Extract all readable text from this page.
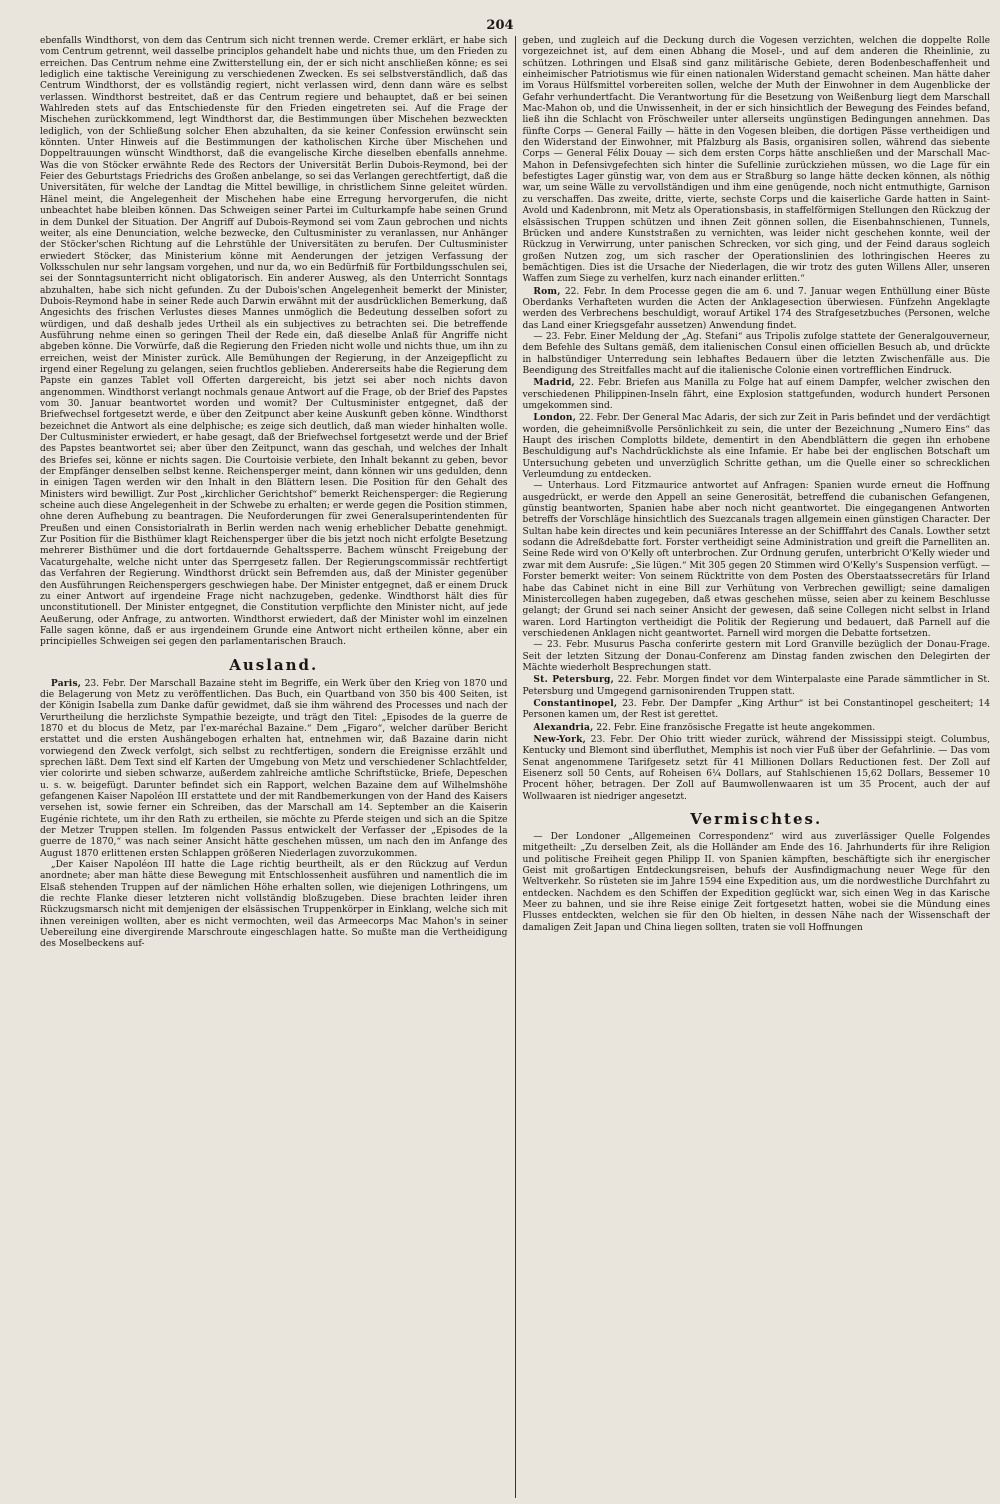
204

ebenfalls Windthorst, von dem das Centrum sich nicht trennen werde. Cremer erklärt, er habe sich vom Centrum getrennt, weil dasselbe principlos gehandelt habe und nichts thue, um den Frieden zu erreichen. Das Centrum nehme eine Zwitterstellung ein, der er sich nicht anschließen könne; es sei lediglich eine taktische Vereinigung zu verschiedenen Zwecken. Es sei selbstverständlich, daß das Centrum Windthorst, der es vollständig regiert, nicht verlassen wird, denn dann wäre es selbst verlassen. Windthorst bestreitet, daß er das Centrum regiere und behauptet, daß er bei seinen Wahlreden stets auf das Entschiedenste für den Frieden eingetreten sei. Auf die Frage der Mischehen zurückkommend, legt Windthorst dar, die Bestimmungen über Mischehen bezweckten lediglich, von der Schließung solcher Ehen abzuhalten, da sie keiner Confession erwünscht sein könnten. Unter Hinweis auf die Bestimmungen der katholischen Kirche über Mischehen und Doppeltrauungen wünscht Windthorst, daß die evangelische Kirche dieselben ebenfalls annehme. Was die von Stöcker erwähnte Rede des Rectors der Universität Berlin Dubois-Reymond, bei der Feier des Geburtstags Friedrichs des Großen anbelange, so sei das Verlangen gerechtfertigt, daß die Universitäten, für welche der Landtag die Mittel bewillige, in christlichem Sinne geleitet würden. Hänel meint, die Angelegenheit der Mischehen habe eine Erregung hervorgerufen, die nicht unbeachtet habe bleiben können. Das Schweigen seiner Partei im Culturkampfe habe seinen Grund in dem Dunkel der Situation. Der Angriff auf Dubois-Reymond sei vom Zaun gebrochen und nichts weiter, als eine Denunciation, welche bezwecke, den Cultusminister zu veranlassen, nur Anhänger der Stöcker'schen Richtung auf die Lehrstühle der Universitäten zu berufen. Der Cultusminister erwiedert Stöcker, das Ministerium könne mit Aenderungen der jetzigen Verfassung der Volksschulen nur sehr langsam vorgehen, und nur da, wo ein Bedürfniß für Fortbildungsschulen sei, sei der Sonntagsunterricht nicht obligatorisch. Ein anderer Ausweg, als den Unterricht Sonntags abzuhalten, habe sich nicht gefunden. Zu der Dubois'schen Angelegenheit bemerkt der Minister, Dubois-Reymond habe in seiner Rede auch Darwin erwähnt mit der ausdrücklichen Bemerkung, daß Angesichts des frischen Verlustes dieses Mannes unmöglich die Bedeutung desselben sofort zu würdigen, und daß deshalb jedes Urtheil als ein subjectives zu betrachten sei. Die betreffende Ausführung nehme einen so geringen Theil der Rede ein, daß dieselbe Anlaß für Angriffe nicht abgeben könne. Die Vorwürfe, daß die Regierung den Frieden nicht wolle und nichts thue, um ihn zu erreichen, weist der Minister zurück. Alle Bemühungen der Regierung, in der Anzeigepflicht zu irgend einer Regelung zu gelangen, seien fruchtlos geblieben. Andererseits habe die Regierung dem Papste ein ganzes Tablet voll Offerten dargereicht, bis jetzt sei aber noch nichts davon angenommen. Windthorst verlangt nochmals genaue Antwort auf die Frage, ob der Brief des Papstes vom 30. Januar beantwortet worden und womit? Der Cultusminister entgegnet, daß der Briefwechsel fortgesetzt werde, e über den Zeitpunct aber keine Auskunft geben könne. Windthorst bezeichnet die Antwort als eine delphische; es zeige sich deutlich, daß man wieder hinhalten wolle. Der Cultusminister erwiedert, er habe gesagt, daß der Briefwechsel fortgesetzt werde und der Brief des Papstes beantwortet sei; aber über den Zeitpunct, wann das geschah, und welches der Inhalt des Briefes sei, könne er nichts sagen. Die Courtoisie verbiete, den Inhalt bekannt zu geben, bevor der Empfänger denselben selbst kenne. Reichensperger meint, dann können wir uns gedulden, denn in einigen Tagen werden wir den Inhalt in den Blättern lesen. Die Position für den Gehalt des Ministers wird bewilligt. Zur Post „kirchlicher Gerichtshof“ bemerkt Reichensperger: die Regierung scheine auch diese Angelegenheit in der Schwebe zu erhalten; er werde gegen die Position stimmen, ohne deren Aufhebung zu beantragen. Die Neuforderungen für zwei Generalsuperintendenten für Preußen und einen Consistorialrath in Berlin werden nach wenig erheblicher Debatte genehmigt. Zur Position für die Bisthümer klagt Reichensperger über die bis jetzt noch nicht erfolgte Besetzung mehrerer Bisthümer und die dort fortdauernde Gehaltssperre. Bachem wünscht Freigebung der Vacaturgehalte, welche nicht unter das Sperrgesetz fallen. Der Regierungscommissär rechtfertigt das Verfahren der Regierung. Windthorst drückt sein Befremden aus, daß der Minister gegenüber den Ausführungen Reichenspergers geschwiegen habe. Der Minister entgegnet, daß er einem Druck zu einer Antwort auf irgendeine Frage nicht nachzugeben, gedenke. Windthorst hält dies für unconstitutionell. Der Minister entgegnet, die Constitution verpflichte den Minister nicht, auf jede Aeußerung, oder Anfrage, zu antworten. Windthorst erwiedert, daß der Minister wohl im einzelnen Falle sagen könne, daß er aus irgendeinem Grunde eine Antwort nicht ertheilen könne, aber ein principielles Schweigen sei gegen den parlamentarischen Brauch.

Ausland.

Paris, 23. Febr. Der Marschall Bazaine steht im Begriffe, ein Werk über den Krieg von 1870 und die Belagerung von Metz zu veröffentlichen. Das Buch, ein Quartband von 350 bis 400 Seiten, ist der Königin Isabella zum Danke dafür gewidmet, daß sie ihm während des Processes und nach der Verurtheilung die herzlichste Sympathie bezeigte, und trägt den Titel: „Episodes de la guerre de 1870 et du blocus de Metz, par l'ex-maréchal Bazaine.“ Dem „Figaro“, welcher darüber Bericht erstattet und die ersten Aushängebogen erhalten hat, entnehmen wir, daß Bazaine darin nicht vorwiegend den Zweck verfolgt, sich selbst zu rechtfertigen, sondern die Ereignisse erzählt und sprechen läßt. Dem Text sind elf Karten der Umgebung von Metz und verschiedener Schlachtfelder, vier colorirte und sieben schwarze, außerdem zahlreiche amtliche Schriftstücke, Briefe, Depeschen u. s. w. beigefügt. Darunter befindet sich ein Rapport, welchen Bazaine dem auf Wilhelmshöhe gefangenen Kaiser Napoléon III erstattete und der mit Randbemerkungen von der Hand des Kaisers versehen ist, sowie ferner ein Schreiben, das der Marschall am 14. September an die Kaiserin Eugénie richtete, um ihr den Rath zu ertheilen, sie möchte zu Pferde steigen und sich an die Spitze der Metzer Truppen stellen. Im folgenden Passus entwickelt der Verfasser der „Episodes de la guerre de 1870,“ was nach seiner Ansicht hätte geschehen müssen, um nach den im Anfange des August 1870 erlittenen ersten Schlappen größeren Niederlagen zuvorzukommen.

„Der Kaiser Napoléon III hatte die Lage richtig beurtheilt, als er den Rückzug auf Verdun anordnete; aber man hätte diese Bewegung mit Entschlossenheit ausführen und namentlich die im Elsaß stehenden Truppen auf der nämlichen Höhe erhalten sollen, wie diejenigen Lothringens, um die rechte Flanke dieser letzteren nicht vollständig bloßzugeben. Diese brachten leider ihren Rückzugsmarsch nicht mit demjenigen der elsässischen Truppenkörper in Einklang, welche sich mit ihnen vereinigen wollten, aber es nicht vermochten, weil das Armeecorps Mac Mahon's in seiner Uebereilung eine divergirende Marschroute eingeschlagen hatte. So mußte man die Vertheidigung des Moselbeckens auf-

geben, und zugleich auf die Deckung durch die Vogesen verzichten, welchen die doppelte Rolle vorgezeichnet ist, auf dem einen Abhang die Mosel-, und auf dem anderen die Rheinlinie, zu schützen. Lothringen und Elsaß sind ganz militärische Gebiete, deren Bodenbeschaffenheit und einheimischer Patriotismus wie für einen nationalen Widerstand gemacht scheinen. Man hätte daher im Voraus Hülfsmittel vorbereiten sollen, welche der Muth der Einwohner in dem Augenblicke der Gefahr verhundertfacht. Die Verantwortung für die Besetzung von Weißenburg liegt dem Marschall Mac-Mahon ob, und die Unwissenheit, in der er sich hinsichtlich der Bewegung des Feindes befand, ließ ihn die Schlacht von Fröschweiler unter allerseits ungünstigen Bedingungen annehmen. Das fünfte Corps — General Failly — hätte in den Vogesen bleiben, die dortigen Pässe vertheidigen und den Widerstand der Einwohner, mit Pfalzburg als Basis, organisiren sollen, während das siebente Corps — General Félix Douay — sich dem ersten Corps hätte anschließen und der Marschall Mac-Mahon in Defensivgefechten sich hinter die Sufellinie zurückziehen müssen, wo die Lage für ein befestigtes Lager günstig war, von dem aus er Straßburg so lange hätte decken können, als nöthig war, um seine Wälle zu vervollständigen und ihm eine genügende, noch nicht entmuthigte, Garnison zu verschaffen. Das zweite, dritte, vierte, sechste Corps und die kaiserliche Garde hatten in Saint-Avold und Kadenbronn, mit Metz als Operationsbasis, in staffelförmigen Stellungen den Rückzug der elsässischen Truppen schützen und ihnen Zeit gönnen sollen, die Eisenbahnschienen, Tunnels, Brücken und andere Kunststraßen zu vernichten, was leider nicht geschehen konnte, weil der Rückzug in Verwirrung, unter panischen Schrecken, vor sich ging, und der Feind daraus sogleich großen Nutzen zog, um sich rascher der Operationslinien des lothringischen Heeres zu bemächtigen. Dies ist die Ursache der Niederlagen, die wir trotz des guten Willens Aller, unseren Waffen zum Siege zu verhelfen, kurz nach einander erlitten.“

Rom, 22. Febr. In dem Processe gegen die am 6. und 7. Januar wegen Enthüllung einer Büste Oberdanks Verhafteten wurden die Acten der Anklagesection überwiesen. Fünfzehn Angeklagte werden des Verbrechens beschuldigt, worauf Artikel 174 des Strafgesetzbuches (Personen, welche das Land einer Kriegsgefahr aussetzen) Anwendung findet.

— 23. Febr. Einer Meldung der „Ag. Stefani“ aus Tripolis zufolge stattete der Generalgouverneur, dem Befehle des Sultans gemäß, dem italienischen Consul einen officiellen Besuch ab, und drückte in halbstündiger Unterredung sein lebhaftes Bedauern über die letzten Zwischenfälle aus. Die Beendigung des Streitfalles macht auf die italienische Colonie einen vortrefflichen Eindruck.

Madrid, 22. Febr. Briefen aus Manilla zu Folge hat auf einem Dampfer, welcher zwischen den verschiedenen Philippinen-Inseln fährt, eine Explosion stattgefunden, wodurch hundert Personen umgekommen sind.

London, 22. Febr. Der General Mac Adaris, der sich zur Zeit in Paris befindet und der verdächtigt worden, die geheimnißvolle Persönlichkeit zu sein, die unter der Bezeichnung „Numero Eins“ das Haupt des irischen Complotts bildete, dementirt in den Abendblättern die gegen ihn erhobene Beschuldigung auf's Nachdrücklichste als eine Infamie. Er habe bei der englischen Botschaft um Untersuchung gebeten und unverzüglich Schritte gethan, um die Quelle einer so schrecklichen Verleumdung zu entdecken.

— Unterhaus. Lord Fitzmaurice antwortet auf Anfragen: Spanien wurde erneut die Hoffnung ausgedrückt, er werde den Appell an seine Generosität, betreffend die cubanischen Gefangenen, günstig beantworten, Spanien habe aber noch nicht geantwortet. Die eingegangenen Antworten betreffs der Vorschläge hinsichtlich des Suezcanals tragen allgemein einen günstigen Character. Der Sultan habe kein directes und kein pecuniäres Interesse an der Schifffahrt des Canals. Lowther setzt sodann die Adreßdebatte fort. Forster vertheidigt seine Administration und greift die Parnelliten an. Seine Rede wird von O'Kelly oft unterbrochen. Zur Ordnung gerufen, unterbricht O'Kelly wieder und zwar mit dem Ausrufe: „Sie lügen.“ Mit 305 gegen 20 Stimmen wird O'Kelly's Suspension verfügt. — Forster bemerkt weiter: Von seinem Rücktritte von dem Posten des Oberstaatssecretärs für Irland habe das Cabinet nicht in eine Bill zur Verhütung von Verbrechen gewilligt; seine damaligen Ministercollegen haben zugegeben, daß etwas geschehen müsse, seien aber zu keinem Beschlusse gelangt; der Grund sei nach seiner Ansicht der gewesen, daß seine Collegen nicht selbst in Irland waren. Lord Hartington vertheidigt die Politik der Regierung und bedauert, daß Parnell auf die verschiedenen Anklagen nicht geantwortet. Parnell wird morgen die Debatte fortsetzen.

— 23. Febr. Musurus Pascha conferirte gestern mit Lord Granville bezüglich der Donau-Frage. Seit der letzten Sitzung der Donau-Conferenz am Dinstag fanden zwischen den Delegirten der Mächte wiederholt Besprechungen statt.

St. Petersburg, 22. Febr. Morgen findet vor dem Winterpalaste eine Parade sämmtlicher in St. Petersburg und Umgegend garnisonirenden Truppen statt.

Constantinopel, 23. Febr. Der Dampfer „King Arthur“ ist bei Constantinopel gescheitert; 14 Personen kamen um, der Rest ist gerettet.

Alexandria, 22. Febr. Eine französische Fregatte ist heute angekommen.

New-York, 23. Febr. Der Ohio tritt wieder zurück, während der Mississippi steigt. Columbus, Kentucky und Blemont sind überfluthet, Memphis ist noch vier Fuß über der Gefahrlinie. — Das vom Senat angenommene Tarifgesetz setzt für 41 Millionen Dollars Reductionen fest. Der Zoll auf Eisenerz soll 50 Cents, auf Roheisen 6¼ Dollars, auf Stahlschienen 15,62 Dollars, Bessemer 10 Procent höher, betragen. Der Zoll auf Baumwollenwaaren ist um 35 Procent, auch der auf Wollwaaren ist niedriger angesetzt.

Vermischtes.

— Der Londoner „Allgemeinen Correspondenz“ wird aus zuverlässiger Quelle Folgendes mitgetheilt: „Zu derselben Zeit, als die Holländer am Ende des 16. Jahrhunderts für ihre Religion und politische Freiheit gegen Philipp II. von Spanien kämpften, beschäftigte sich ihr energischer Geist mit großartigen Entdeckungsreisen, behufs der Ausfindigmachung neuer Wege für den Weltverkehr. So rüsteten sie im Jahre 1594 eine Expedition aus, um die nordwestliche Durchfahrt zu entdecken. Nachdem es den Schiffen der Expedition geglückt war, sich einen Weg in das Karische Meer zu bahnen, und sie ihre Reise einige Zeit fortgesetzt hatten, wobei sie die Mündung eines Flusses entdeckten, welchen sie für den Ob hielten, in dessen Nähe nach der Wissenschaft der damaligen Zeit Japan und China liegen sollten, traten sie voll Hoffnungen
